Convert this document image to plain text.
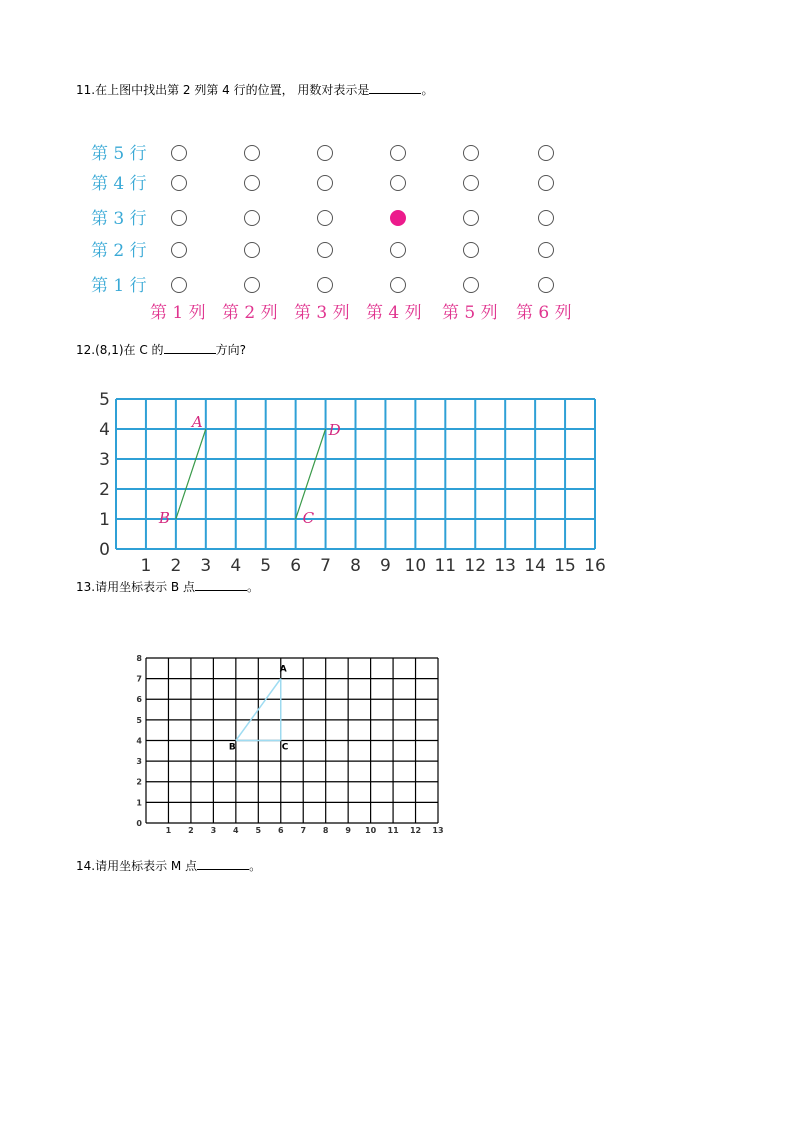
11.在上图中找出第 2 列第 4 行的位置， 用数对表示是	。
第 5 行
第 4 行
第 3 行
第 2 行
第 1 行
第 1 列 第 2 列 第 3 列 第 4 列 第 5 列 第 6 列
12.(8,1)在 C 的	方向?
1 2 3 4 5 6 7 8 9 10 11 12 13 14 15 16
0
1
2
3
4
5
A
B	C
D
13.请用坐标表示 B 点	。
1 2 3 4 5 6 7 8 9 10 11 12 13
0
1
2
3
4
5
6
7
8
A
B	C
14.请用坐标表示 M 点	。
